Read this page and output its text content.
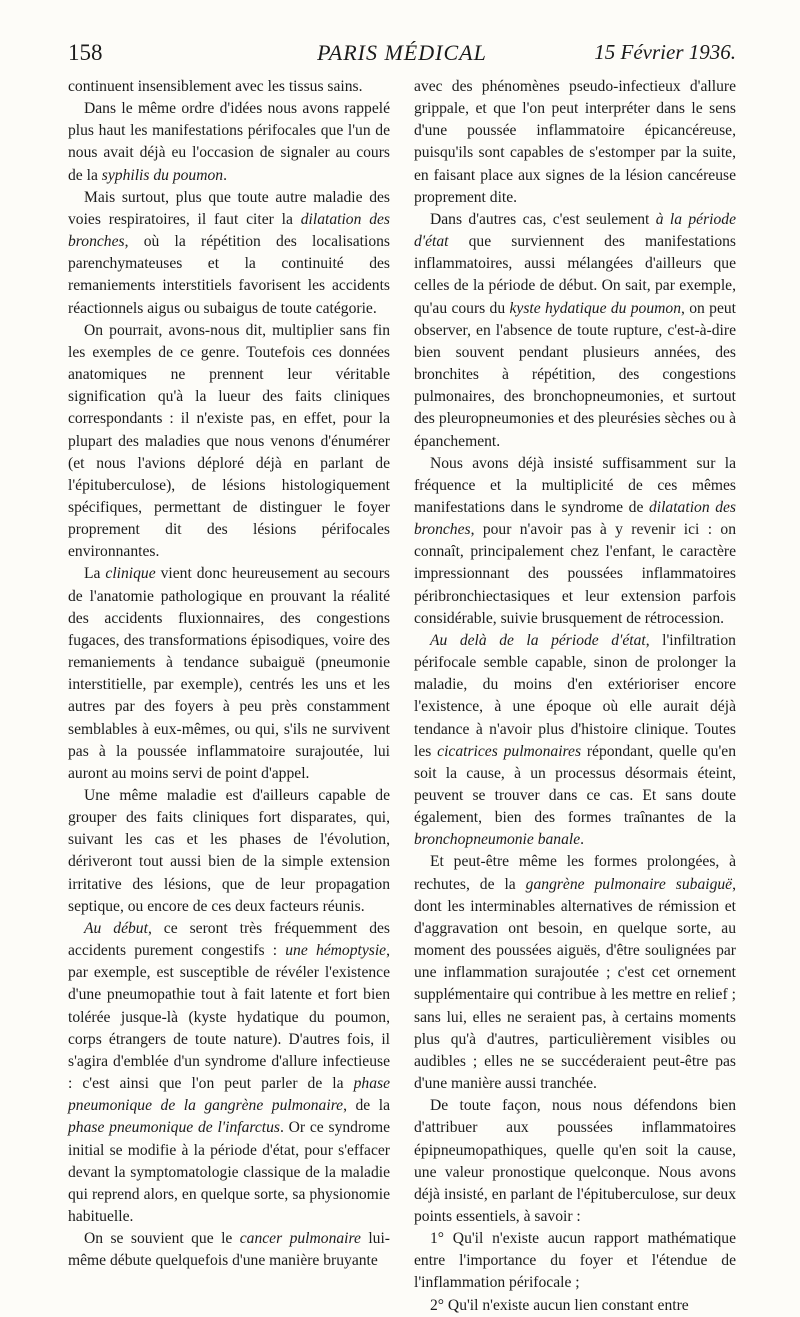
158	PARIS MÉDICAL	15 Février 1936.

continuent insensiblement avec les tissus sains.

Dans le même ordre d'idées nous avons rappelé plus haut les manifestations périfocales que l'un de nous avait déjà eu l'occasion de signaler au cours de la syphilis du poumon.

Mais surtout, plus que toute autre maladie des voies respiratoires, il faut citer la dilatation des bronches, où la répétition des localisations parenchymateuses et la continuité des remaniements interstitiels favorisent les accidents réactionnels aigus ou subaigus de toute catégorie.

On pourrait, avons-nous dit, multiplier sans fin les exemples de ce genre. Toutefois ces données anatomiques ne prennent leur véritable signification qu'à la lueur des faits cliniques correspondants : il n'existe pas, en effet, pour la plupart des maladies que nous venons d'énumérer (et nous l'avions déploré déjà en parlant de l'épituberculose), de lésions histologiquement spécifiques, permettant de distinguer le foyer proprement dit des lésions périfocales environnantes.

La clinique vient donc heureusement au secours de l'anatomie pathologique en prouvant la réalité des accidents fluxionnaires, des congestions fugaces, des transformations épisodiques, voire des remaniements à tendance subaiguë (pneumonie interstitielle, par exemple), centrés les uns et les autres par des foyers à peu près constamment semblables à eux-mêmes, ou qui, s'ils ne survivent pas à la poussée inflammatoire surajoutée, lui auront au moins servi de point d'appel.

Une même maladie est d'ailleurs capable de grouper des faits cliniques fort disparates, qui, suivant les cas et les phases de l'évolution, dériveront tout aussi bien de la simple extension irritative des lésions, que de leur propagation septique, ou encore de ces deux facteurs réunis.

Au début, ce seront très fréquemment des accidents purement congestifs : une hémoptysie, par exemple, est susceptible de révéler l'existence d'une pneumopathie tout à fait latente et fort bien tolérée jusque-là (kyste hydatique du poumon, corps étrangers de toute nature). D'autres fois, il s'agira d'emblée d'un syndrome d'allure infectieuse : c'est ainsi que l'on peut parler de la phase pneumonique de la gangrène pulmonaire, de la phase pneumonique de l'infarctus. Or ce syndrome initial se modifie à la période d'état, pour s'effacer devant la symptomatologie classique de la maladie qui reprend alors, en quelque sorte, sa physionomie habituelle.

On se souvient que le cancer pulmonaire lui-même débute quelquefois d'une manière bruyante

avec des phénomènes pseudo-infectieux d'allure grippale, et que l'on peut interpréter dans le sens d'une poussée inflammatoire épicancéreuse, puisqu'ils sont capables de s'estomper par la suite, en faisant place aux signes de la lésion cancéreuse proprement dite.

Dans d'autres cas, c'est seulement à la période d'état que surviennent des manifestations inflammatoires, aussi mélangées d'ailleurs que celles de la période de début. On sait, par exemple, qu'au cours du kyste hydatique du poumon, on peut observer, en l'absence de toute rupture, c'est-à-dire bien souvent pendant plusieurs années, des bronchites à répétition, des congestions pulmonaires, des bronchopneumonies, et surtout des pleuropneumonies et des pleurésies sèches ou à épanchement.

Nous avons déjà insisté suffisamment sur la fréquence et la multiplicité de ces mêmes manifestations dans le syndrome de dilatation des bronches, pour n'avoir pas à y revenir ici : on connaît, principalement chez l'enfant, le caractère impressionnant des poussées inflammatoires péribronchiectasiques et leur extension parfois considérable, suivie brusquement de rétrocession.

Au delà de la période d'état, l'infiltration périfocale semble capable, sinon de prolonger la maladie, du moins d'en extérioriser encore l'existence, à une époque où elle aurait déjà tendance à n'avoir plus d'histoire clinique. Toutes les cicatrices pulmonaires répondant, quelle qu'en soit la cause, à un processus désormais éteint, peuvent se trouver dans ce cas. Et sans doute également, bien des formes traînantes de la bronchopneumonie banale.

Et peut-être même les formes prolongées, à rechutes, de la gangrène pulmonaire subaiguë, dont les interminables alternatives de rémission et d'aggravation ont besoin, en quelque sorte, au moment des poussées aiguës, d'être soulignées par une inflammation surajoutée ; c'est cet ornement supplémentaire qui contribue à les mettre en relief ; sans lui, elles ne seraient pas, à certains moments plus qu'à d'autres, particulièrement visibles ou audibles ; elles ne se succéderaient peut-être pas d'une manière aussi tranchée.

De toute façon, nous nous défendons bien d'attribuer aux poussées inflammatoires épipneumopathiques, quelle qu'en soit la cause, une valeur pronostique quelconque. Nous avons déjà insisté, en parlant de l'épituberculose, sur deux points essentiels, à savoir :

1° Qu'il n'existe aucun rapport mathématique entre l'importance du foyer et l'étendue de l'inflammation périfocale ;

2° Qu'il n'existe aucun lien constant entre
